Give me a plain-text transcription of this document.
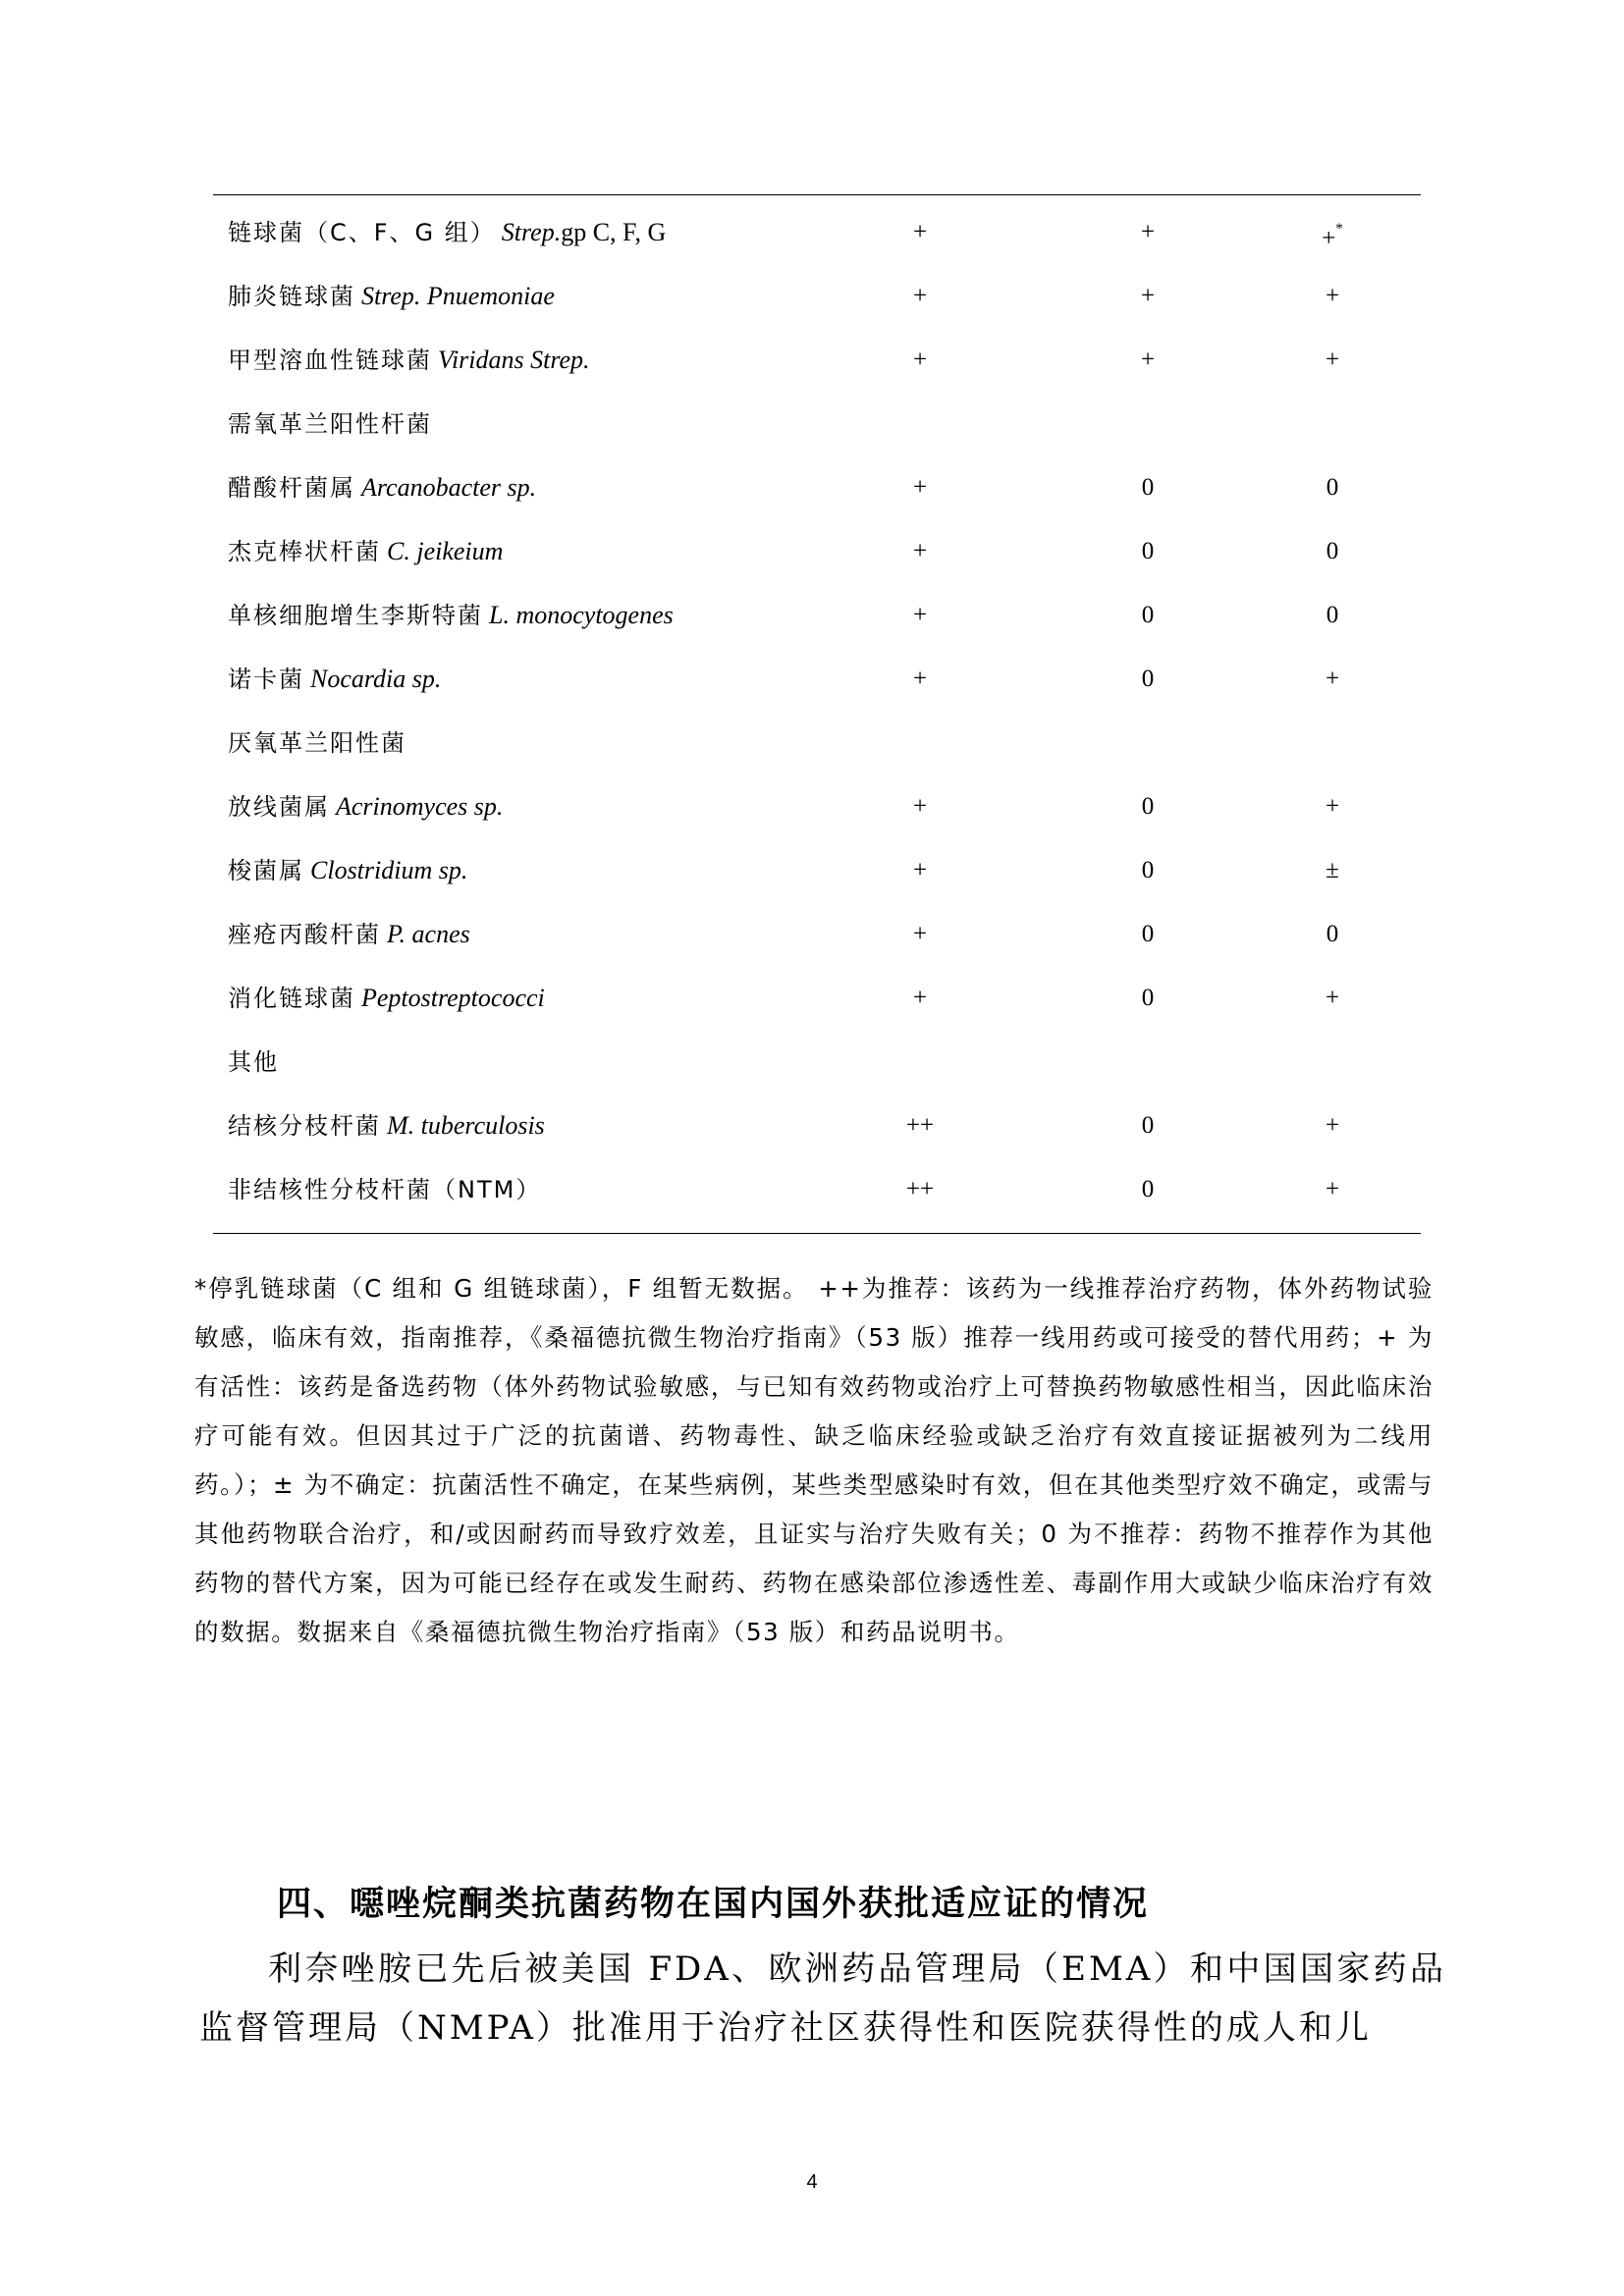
链球菌（C、F、G 组） Strep.gp C, F, G	+	+	+*
肺炎链球菌 Strep. Pnuemoniae	+	+	+
甲型溶血性链球菌 Viridans Strep.	+	+	+
需氧革兰阳性杆菌
醋酸杆菌属 Arcanobacter sp.	+	0	0
杰克棒状杆菌 C. jeikeium	+	0	0
单核细胞增生李斯特菌 L. monocytogenes	+	0	0
诺卡菌 Nocardia sp.	+	0	+
厌氧革兰阳性菌
放线菌属 Acrinomyces sp.	+	0	+
梭菌属 Clostridium sp.	+	0	±
痤疮丙酸杆菌 P. acnes	+	0	0
消化链球菌 Peptostreptococci	+	0	+
其他
结核分枝杆菌 M. tuberculosis	++	0	+
非结核性分枝杆菌（NTM）	++	0	+

*停乳链球菌（C 组和 G 组链球菌），F 组暂无数据。 ++为推荐：该药为一线推荐治疗药物，体外药物试验敏感，临床有效，指南推荐，《桑福德抗微生物治疗指南》（53 版）推荐一线用药或可接受的替代用药；+ 为有活性：该药是备选药物（体外药物试验敏感，与已知有效药物或治疗上可替换药物敏感性相当，因此临床治疗可能有效。但因其过于广泛的抗菌谱、药物毒性、缺乏临床经验或缺乏治疗有效直接证据被列为二线用药。）；± 为不确定：抗菌活性不确定，在某些病例，某些类型感染时有效，但在其他类型疗效不确定，或需与其他药物联合治疗，和/或因耐药而导致疗效差，且证实与治疗失败有关；0 为不推荐：药物不推荐作为其他药物的替代方案，因为可能已经存在或发生耐药、药物在感染部位渗透性差、毒副作用大或缺少临床治疗有效的数据。数据来自《桑福德抗微生物治疗指南》（53 版）和药品说明书。

四、噁唑烷酮类抗菌药物在国内国外获批适应证的情况

利奈唑胺已先后被美国 FDA、欧洲药品管理局（EMA）和中国国家药品监督管理局（NMPA）批准用于治疗社区获得性和医院获得性的成人和儿

4
